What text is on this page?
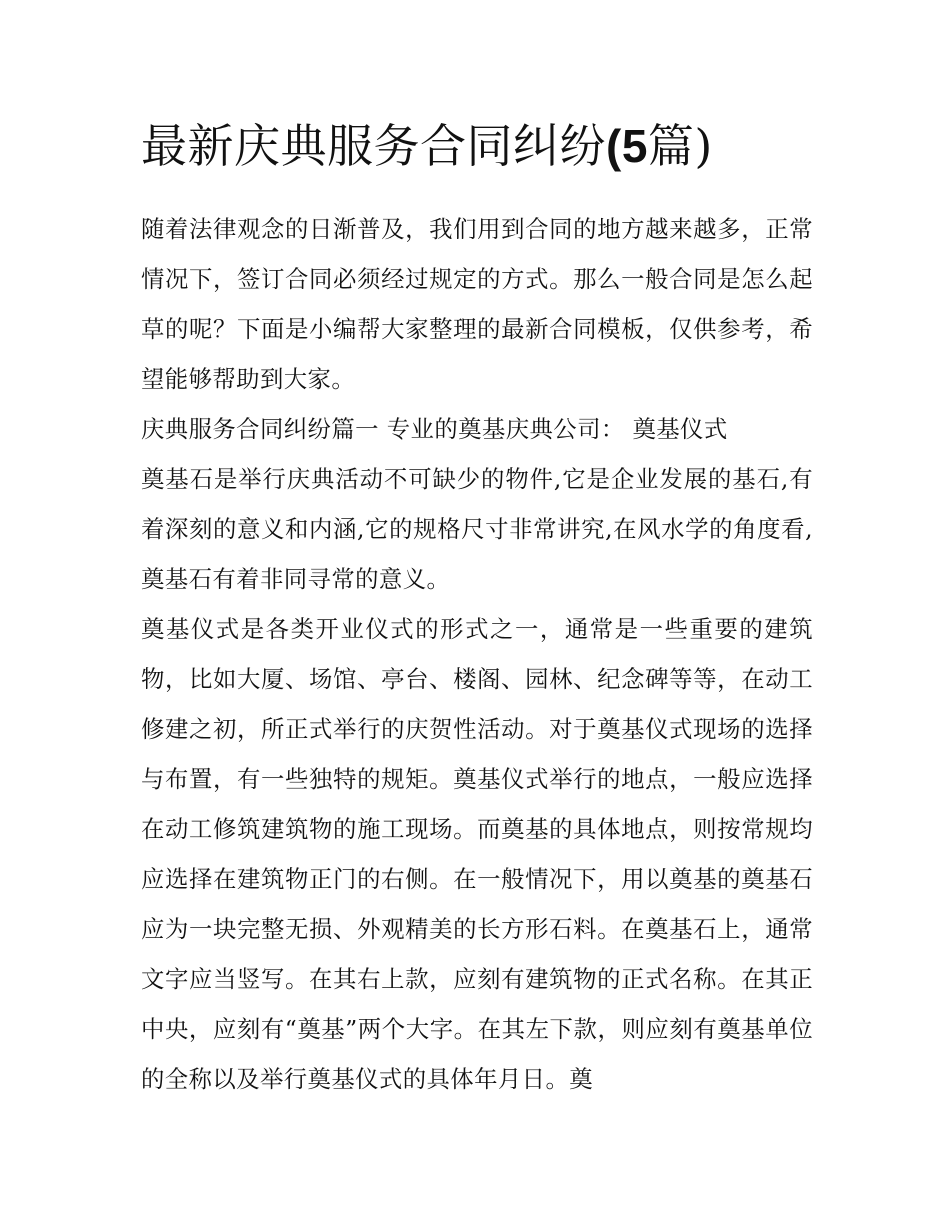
最新庆典服务合同纠纷(5篇)

随着法律观念的日渐普及，我们用到合同的地方越来越多，正常情况下，签订合同必须经过规定的方式。那么一般合同是怎么起草的呢？下面是小编帮大家整理的最新合同模板，仅供参考，希望能够帮助到大家。

庆典服务合同纠纷篇一 专业的奠基庆典公司： 奠基仪式

奠基石是举行庆典活动不可缺少的物件,它是企业发展的基石,有着深刻的意义和内涵,它的规格尺寸非常讲究,在风水学的角度看,奠基石有着非同寻常的意义。

奠基仪式是各类开业仪式的形式之一，通常是一些重要的建筑物，比如大厦、场馆、亭台、楼阁、园林、纪念碑等等，在动工修建之初，所正式举行的庆贺性活动。对于奠基仪式现场的选择与布置，有一些独特的规矩。奠基仪式举行的地点，一般应选择在动工修筑建筑物的施工现场。而奠基的具体地点，则按常规均应选择在建筑物正门的右侧。在一般情况下，用以奠基的奠基石应为一块完整无损、外观精美的长方形石料。在奠基石上，通常文字应当竖写。在其右上款，应刻有建筑物的正式名称。在其正中央，应刻有“奠基”两个大字。在其左下款，则应刻有奠基单位的全称以及举行奠基仪式的具体年月日。奠
